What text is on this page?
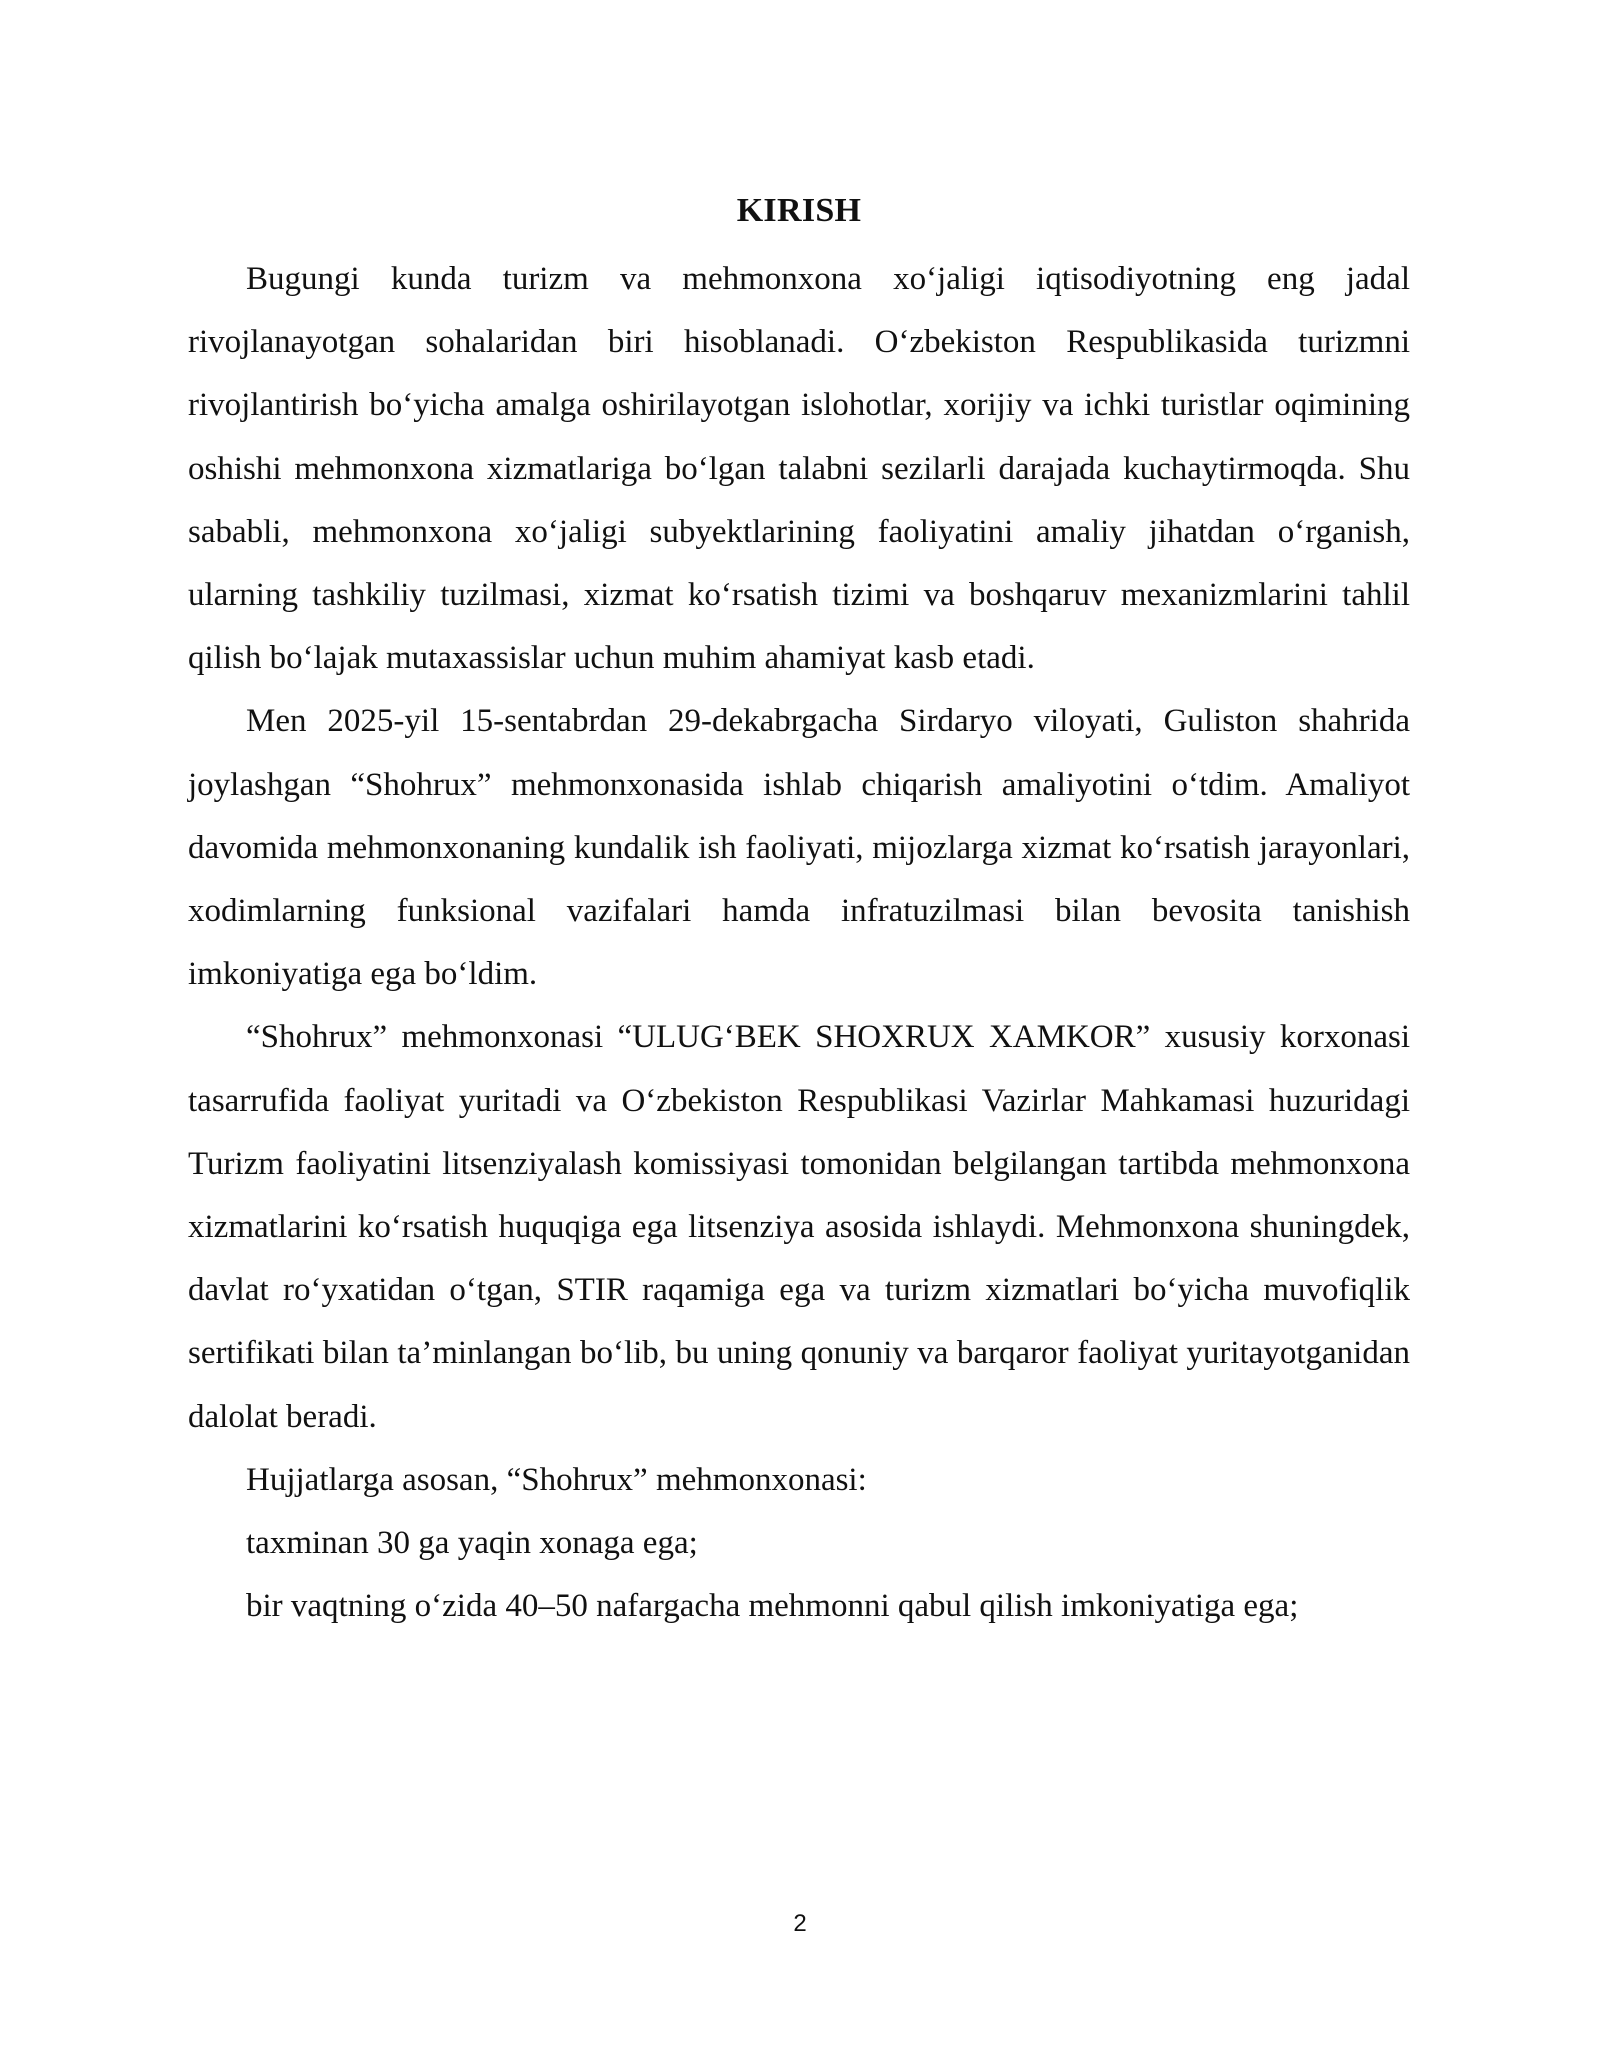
KIRISH

Bugungi kunda turizm va mehmonxona xo‘jaligi iqtisodiyotning eng jadal rivojlanayotgan sohalaridan biri hisoblanadi. O‘zbekiston Respublikasida turizmni rivojlantirish bo‘yicha amalga oshirilayotgan islohotlar, xorijiy va ichki turistlar oqimining oshishi mehmonxona xizmatlariga bo‘lgan talabni sezilarli darajada kuchaytirmoqda. Shu sababli, mehmonxona xo‘jaligi subyektlarining faoliyatini amaliy jihatdan o‘rganish, ularning tashkiliy tuzilmasi, xizmat ko‘rsatish tizimi va boshqaruv mexanizmlarini tahlil qilish bo‘lajak mutaxassislar uchun muhim ahamiyat kasb etadi.

Men 2025-yil 15-sentabrdan 29-dekabrgacha Sirdaryo viloyati, Guliston shahrida joylashgan “Shohrux” mehmonxonasida ishlab chiqarish amaliyotini o‘tdim. Amaliyot davomida mehmonxonaning kundalik ish faoliyati, mijozlarga xizmat ko‘rsatish jarayonlari, xodimlarning funksional vazifalari hamda infratuzilmasi bilan bevosita tanishish imkoniyatiga ega bo‘ldim.

“Shohrux” mehmonxonasi “ULUG‘BEK SHOXRUX XAMKOR” xususiy korxonasi tasarrufida faoliyat yuritadi va O‘zbekiston Respublikasi Vazirlar Mahkamasi huzuridagi Turizm faoliyatini litsenziyalash komissiyasi tomonidan belgilangan tartibda mehmonxona xizmatlarini ko‘rsatish huquqiga ega litsenziya asosida ishlaydi. Mehmonxona shuningdek, davlat ro‘yxatidan o‘tgan, STIR raqamiga ega va turizm xizmatlari bo‘yicha muvofiqlik sertifikati bilan ta’minlangan bo‘lib, bu uning qonuniy va barqaror faoliyat yuritayotganidan dalolat beradi.

Hujjatlarga asosan, “Shohrux” mehmonxonasi:

taxminan 30 ga yaqin xonaga ega;

bir vaqtning o‘zida 40–50 nafargacha mehmonni qabul qilish imkoniyatiga ega;

2
